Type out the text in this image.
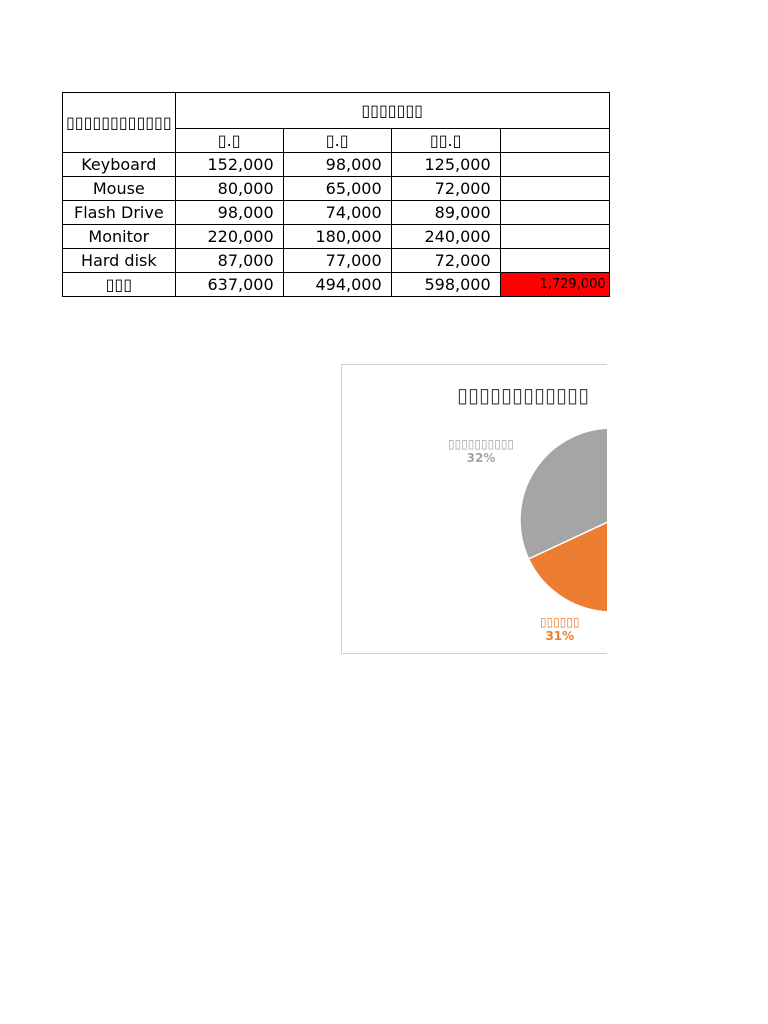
▯▯▯▯▯▯▯▯▯▯▯▯	▯▯▯▯▯▯▯			
	▯.▯	▯.▯	▯▯.▯	
Keyboard	152,000	98,000	125,000	
Mouse	80,000	65,000	72,000	
Flash Drive	98,000	74,000	89,000	
Monitor	220,000	180,000	240,000	
Hard disk	87,000	77,000	72,000	
▯▯▯	637,000	494,000	598,000	1,729,000
▯▯▯▯▯▯▯▯▯▯▯▯
▯▯▯▯▯▯▯▯▯▯
32%
▯▯▯▯▯▯
31%
